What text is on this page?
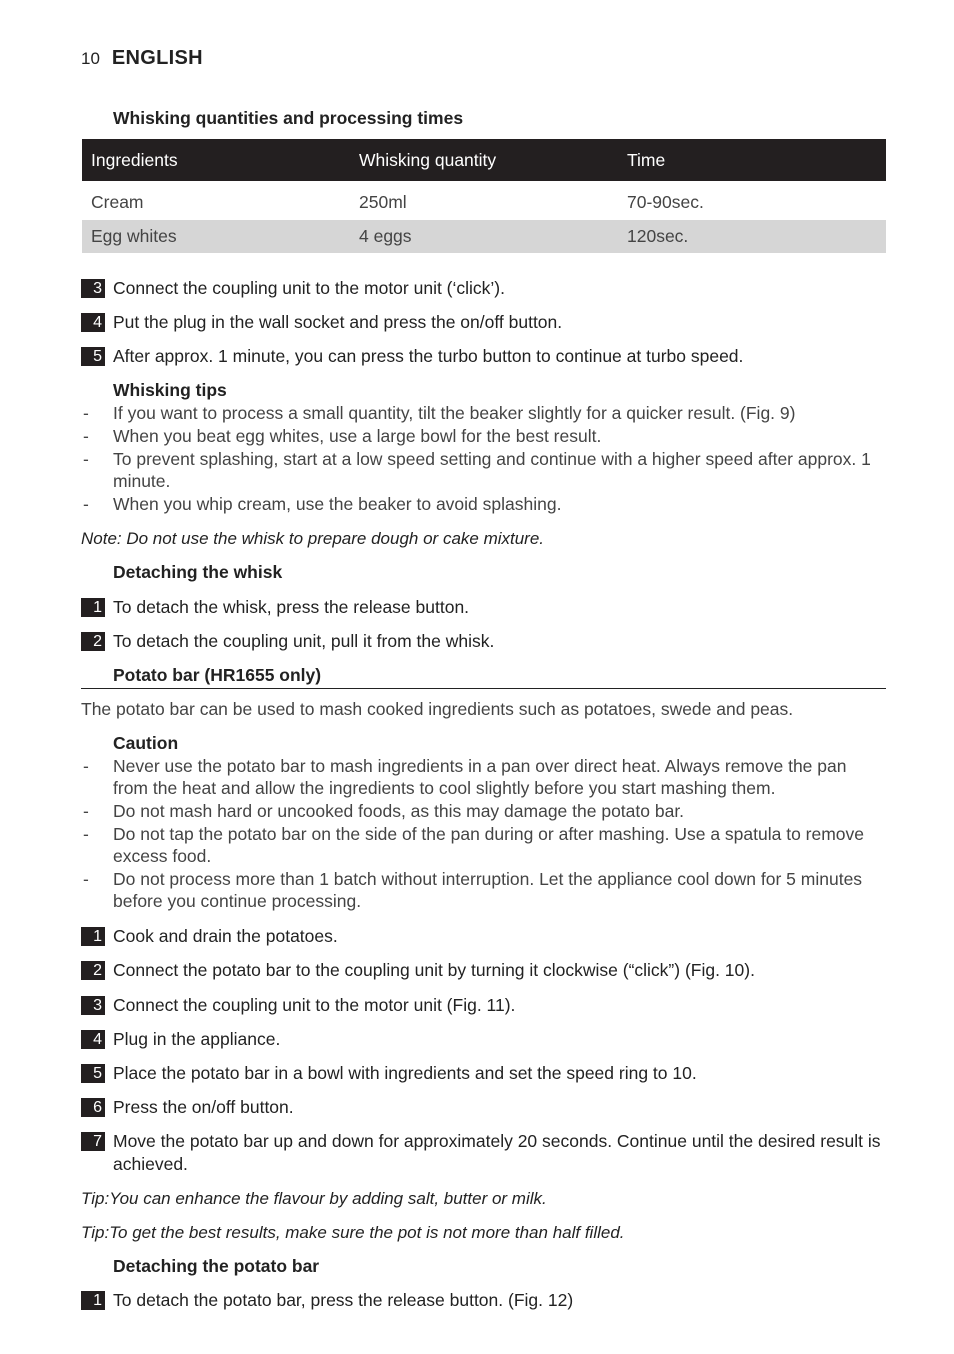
10 ENGLISH
Whisking quantities and processing times
Ingredients	Whisking quantity	Time
Cream	250ml	70-90sec.
Egg whites	4 eggs	120sec.
3 Connect the coupling unit to the motor unit (‘click’).
4 Put the plug in the wall socket and press the on/off button.
5 After approx. 1 minute, you can press the turbo button to continue at turbo speed.
Whisking tips
-	If you want to process a small quantity, tilt the beaker slightly for a quicker result. (Fig. 9)
-	When you beat egg whites, use a large bowl for the best result.
-	To prevent splashing, start at a low speed setting and continue with a higher speed after approx. 1 minute.
-	When you whip cream, use the beaker to avoid splashing.
Note: Do not use the whisk to prepare dough or cake mixture.
Detaching the whisk
1 To detach the whisk, press the release button.
2 To detach the coupling unit, pull it from the whisk.
Potato bar (HR1655 only)
The potato bar can be used to mash cooked ingredients such as potatoes, swede and peas.
Caution
-	Never use the potato bar to mash ingredients in a pan over direct heat. Always remove the pan from the heat and allow the ingredients to cool slightly before you start mashing them.
-	Do not mash hard or uncooked foods, as this may damage the potato bar.
-	Do not tap the potato bar on the side of the pan during or after mashing. Use a spatula to remove excess food.
-	Do not process more than 1 batch without interruption. Let the appliance cool down for 5 minutes before you continue processing.
1 Cook and drain the potatoes.
2 Connect the potato bar to the coupling unit by turning it clockwise (“click”) (Fig. 10).
3 Connect the coupling unit to the motor unit (Fig. 11).
4 Plug in the appliance.
5 Place the potato bar in a bowl with ingredients and set the speed ring to 10.
6 Press the on/off button.
7 Move the potato bar up and down for approximately 20 seconds. Continue until the desired result is achieved.
Tip:You can enhance the flavour by adding salt, butter or milk.
Tip:To get the best results, make sure the pot is not more than half filled.
Detaching the potato bar
1 To detach the potato bar, press the release button. (Fig. 12)
